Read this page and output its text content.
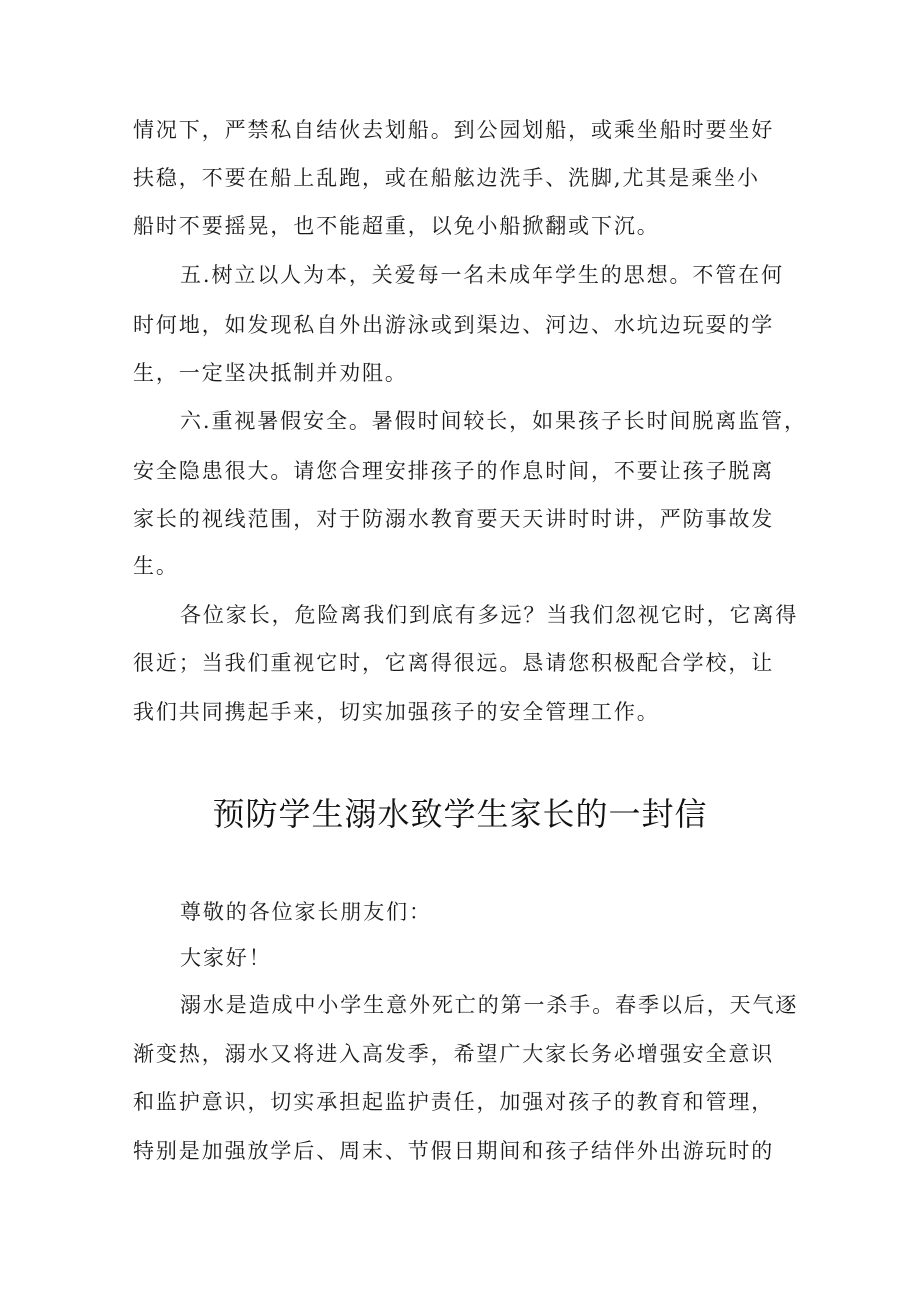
情况下，严禁私自结伙去划船。到公园划船，或乘坐船时要坐好
扶稳，不要在船上乱跑，或在船舷边洗手、洗脚,尤其是乘坐小
船时不要摇晃，也不能超重，以免小船掀翻或下沉。
五.树立以人为本，关爱每一名未成年学生的思想。不管在何
时何地，如发现私自外出游泳或到渠边、河边、水坑边玩耍的学
生，一定坚决抵制并劝阻。
六.重视暑假安全。暑假时间较长，如果孩子长时间脱离监管，
安全隐患很大。请您合理安排孩子的作息时间，不要让孩子脱离
家长的视线范围，对于防溺水教育要天天讲时时讲，严防事故发
生。
各位家长，危险离我们到底有多远？当我们忽视它时，它离得
很近；当我们重视它时，它离得很远。恳请您积极配合学校，让
我们共同携起手来，切实加强孩子的安全管理工作。
预防学生溺水致学生家长的一封信
尊敬的各位家长朋友们：
大家好！
溺水是造成中小学生意外死亡的第一杀手。春季以后，天气逐
渐变热，溺水又将进入高发季，希望广大家长务必增强安全意识
和监护意识，切实承担起监护责任，加强对孩子的教育和管理，
特别是加强放学后、周末、节假日期间和孩子结伴外出游玩时的
